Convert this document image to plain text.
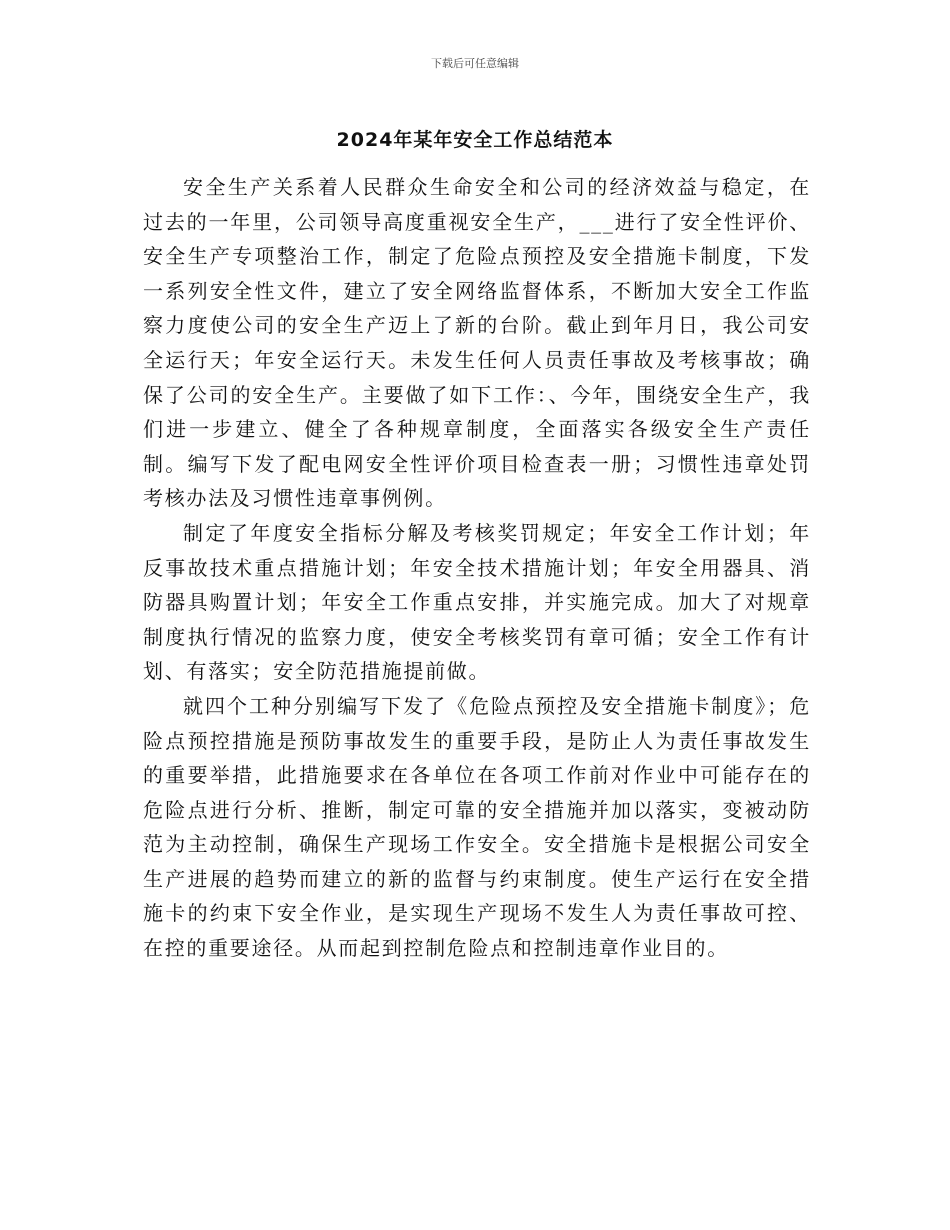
下载后可任意编辑
2024年某年安全工作总结范本

安全生产关系着人民群众生命安全和公司的经济效益与稳定，在过去的一年里，公司领导高度重视安全生产，___进行了安全性评价、安全生产专项整治工作，制定了危险点预控及安全措施卡制度，下发一系列安全性文件，建立了安全网络监督体系，不断加大安全工作监察力度使公司的安全生产迈上了新的台阶。截止到年月日，我公司安全运行天；年安全运行天。未发生任何人员责任事故及考核事故；确保了公司的安全生产。主要做了如下工作：、今年，围绕安全生产，我们进一步建立、健全了各种规章制度，全面落实各级安全生产责任制。编写下发了配电网安全性评价项目检查表一册；习惯性违章处罚考核办法及习惯性违章事例例。

制定了年度安全指标分解及考核奖罚规定；年安全工作计划；年反事故技术重点措施计划；年安全技术措施计划；年安全用器具、消防器具购置计划；年安全工作重点安排，并实施完成。加大了对规章制度执行情况的监察力度，使安全考核奖罚有章可循；安全工作有计划、有落实；安全防范措施提前做。

就四个工种分别编写下发了《危险点预控及安全措施卡制度》；危险点预控措施是预防事故发生的重要手段，是防止人为责任事故发生的重要举措，此措施要求在各单位在各项工作前对作业中可能存在的危险点进行分析、推断，制定可靠的安全措施并加以落实，变被动防范为主动控制，确保生产现场工作安全。安全措施卡是根据公司安全生产进展的趋势而建立的新的监督与约束制度。使生产运行在安全措施卡的约束下安全作业，是实现生产现场不发生人为责任事故可控、在控的重要途径。从而起到控制危险点和控制违章作业目的。
